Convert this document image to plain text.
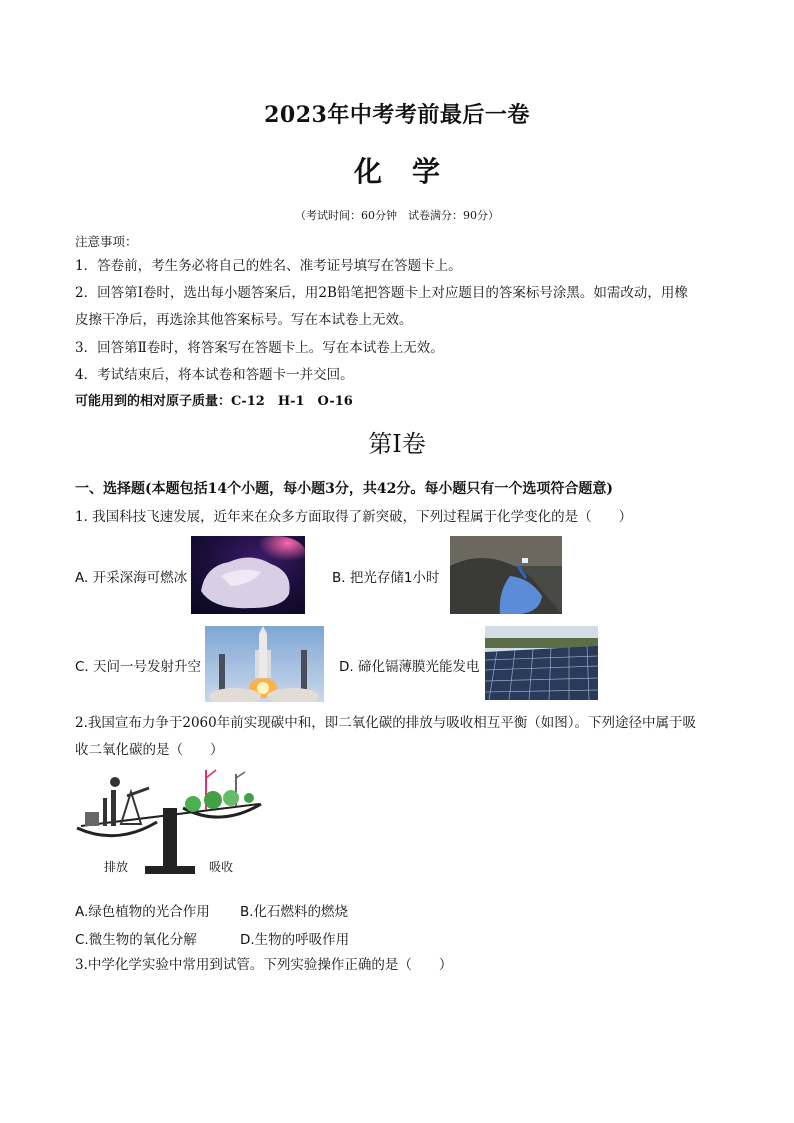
2023年中考考前最后一卷
化学
（考试时间：60分钟　试卷满分：90分）
注意事项：
1．答卷前，考生务必将自己的姓名、准考证号填写在答题卡上。
2．回答第Ⅰ卷时，选出每小题答案后，用2B铅笔把答题卡上对应题目的答案标号涂黑。如需改动，用橡
皮擦干净后，再选涂其他答案标号。写在本试卷上无效。
3．回答第Ⅱ卷时，将答案写在答题卡上。写在本试卷上无效。
4．考试结束后，将本试卷和答题卡一并交回。
可能用到的相对原子质量：C-12　H-1　O-16
第Ⅰ卷
一、选择题(本题包括14个小题，每小题3分，共42分。每小题只有一个选项符合题意)
1. 我国科技飞速发展，近年来在众多方面取得了新突破，下列过程属于化学变化的是（　　）
A. 开采深海可燃冰	B. 把光存储1小时
C. 天问一号发射升空	D. 碲化镉薄膜光能发电
2.我国宣布力争于2060年前实现碳中和，即二氧化碳的排放与吸收相互平衡（如图）。下列途径中属于吸
收二氧化碳的是（　　）
排放	吸收
A.绿色植物的光合作用 B.化石燃料的燃烧
C.微生物的氧化分解	D.生物的呼吸作用
3.中学化学实验中常用到试管。下列实验操作正确的是（　　）
